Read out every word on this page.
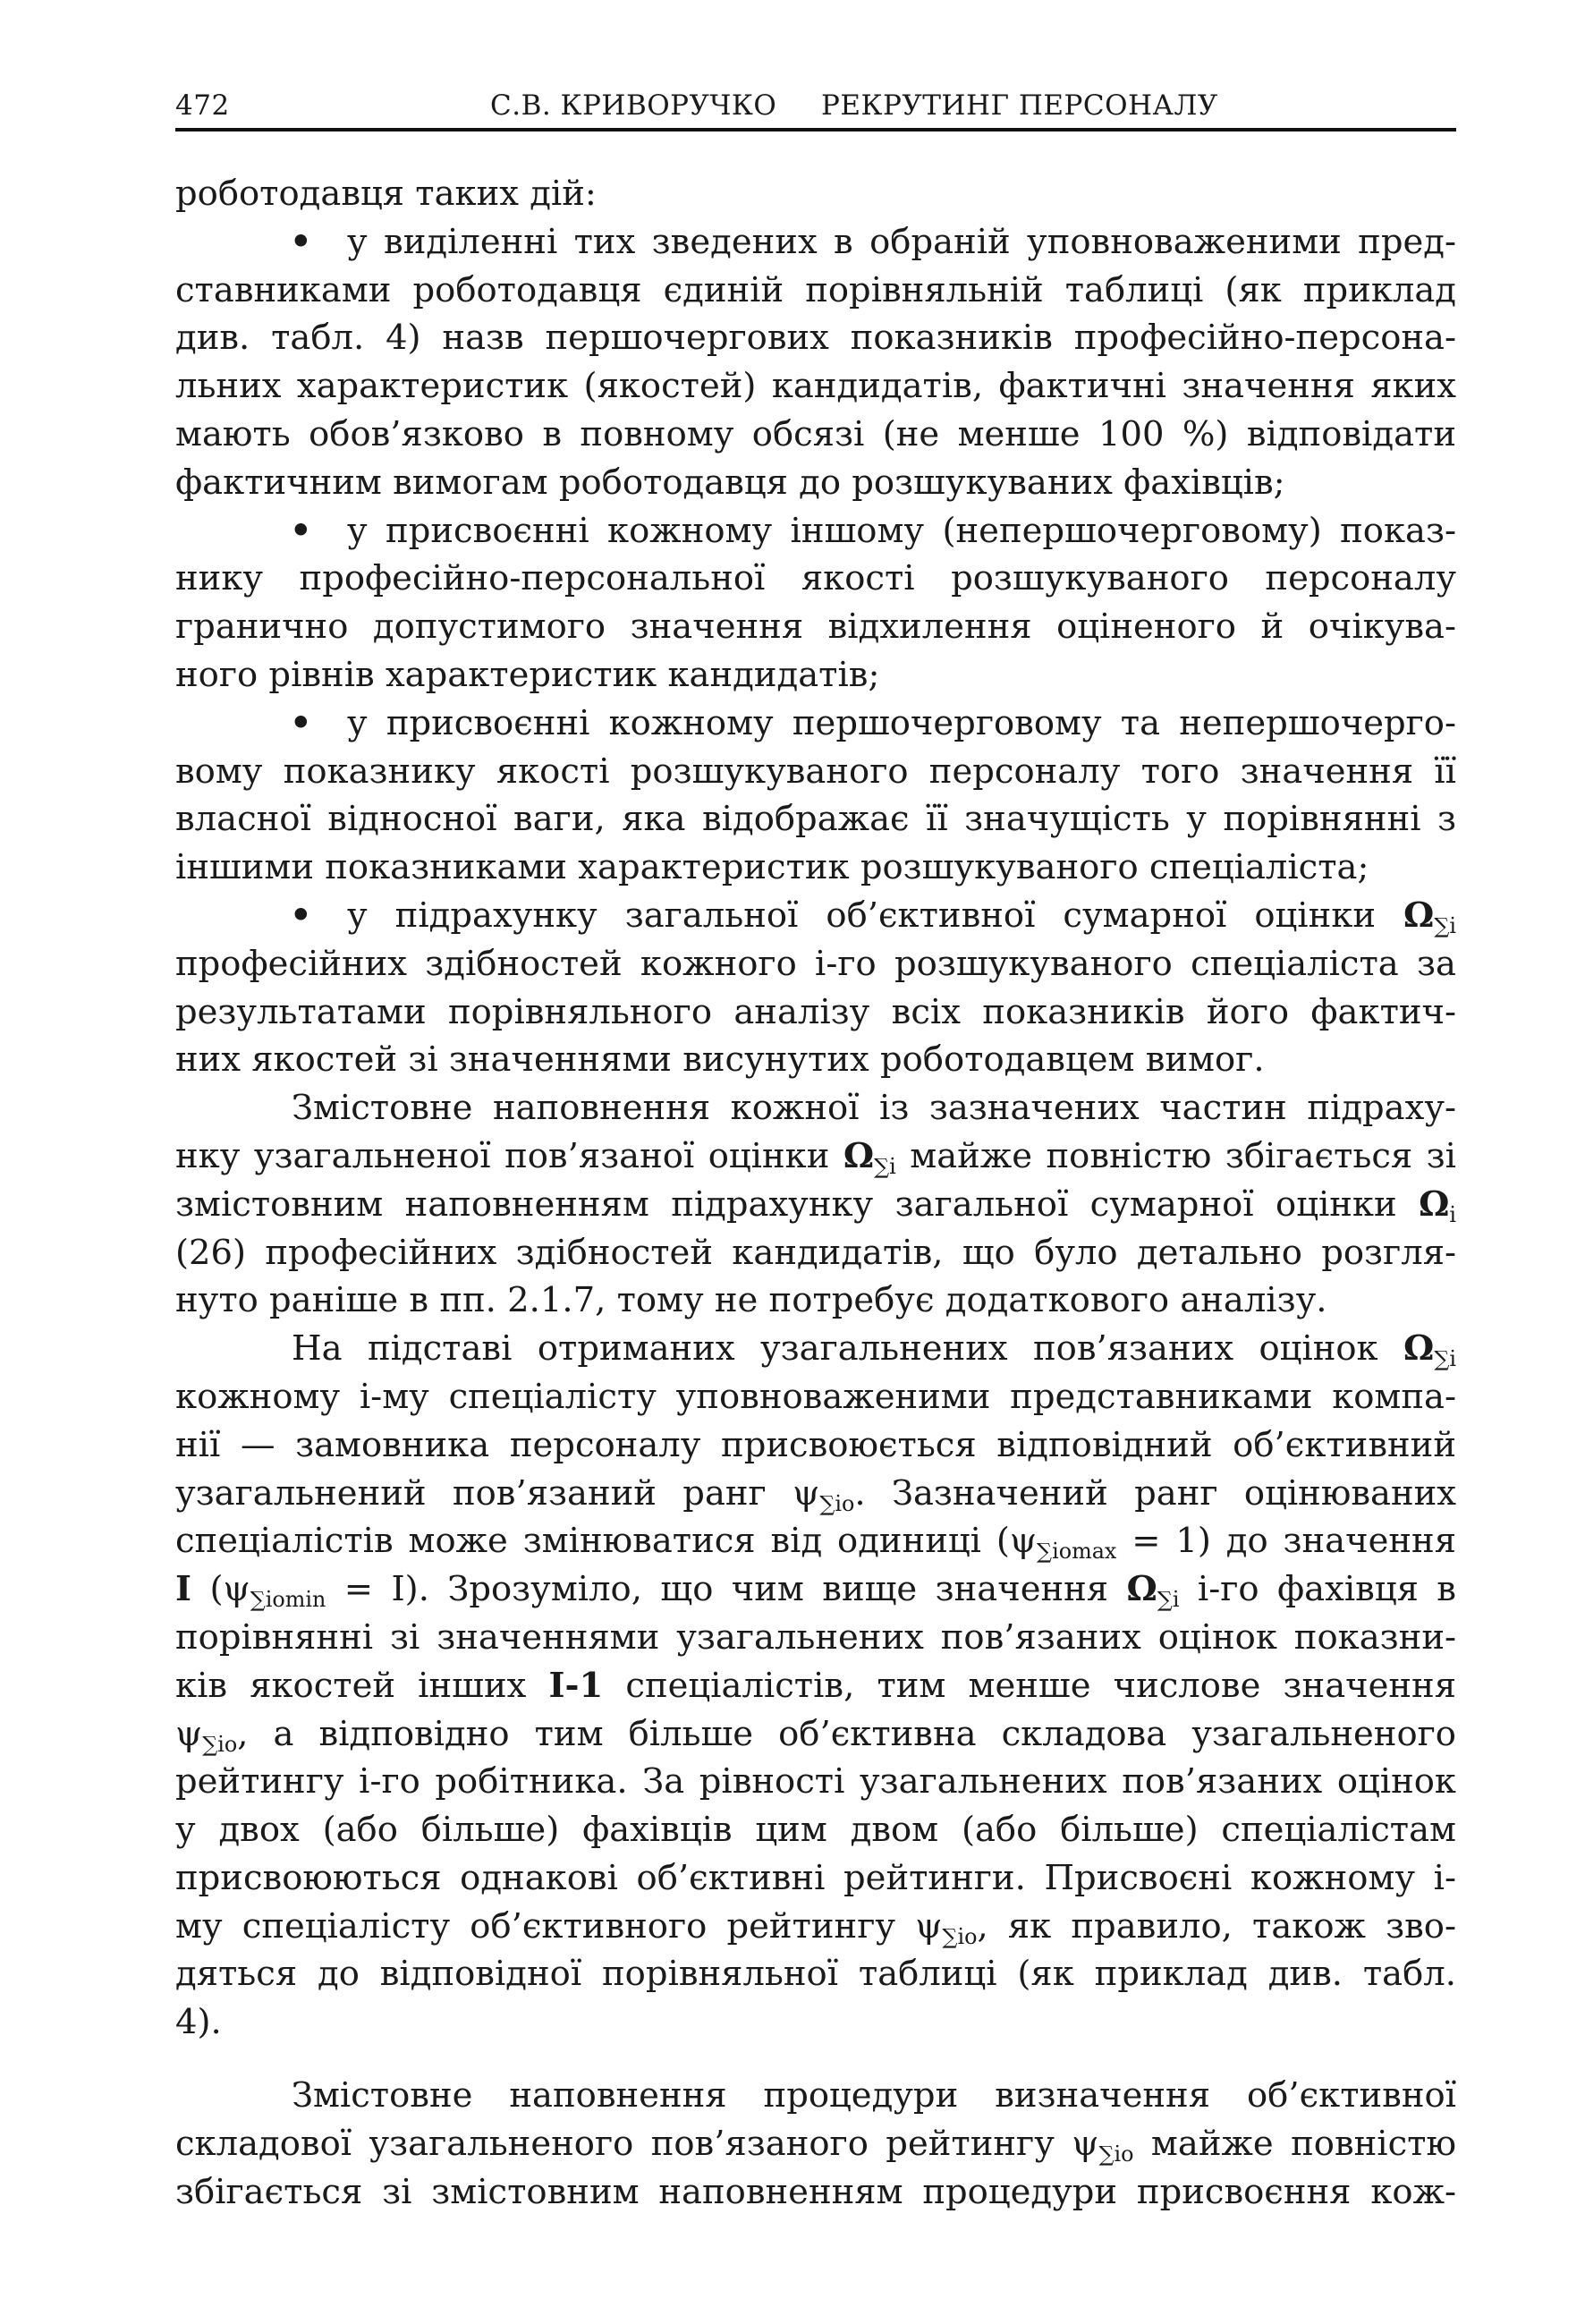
472	С.В. КРИВОРУЧКО РЕКРУТИНГ ПЕРСОНАЛУ
роботодавця таких дій:
•	у виділенні тих зведених в обраній уповноваженими пред-
ставниками роботодавця єдиній порівняльній таблиці (як приклад
див. табл. 4) назв першочергових показників професійно-персона-
льних характеристик (якостей) кандидатів, фактичні значення яких
мають обов’язково в повному обсязі (не менше 100 %) відповідати
фактичним вимогам роботодавця до розшукуваних фахівців;
•	у присвоєнні кожному іншому (непершочерговому) показ-
нику професійно-персональної якості розшукуваного персоналу
гранично допустимого значення відхилення оціненого й очікува-
ного рівнів характеристик кандидатів;
•	у присвоєнні кожному першочерговому та непершочерго-
вому показнику якості розшукуваного персоналу того значення її
власної відносної ваги, яка відображає її значущість у порівнянні з
іншими показниками характеристик розшукуваного спеціаліста;
•	у підрахунку загальної об’єктивної сумарної оцінки $\Omega_{\sum i}$
професійних здібностей кожного і-го розшукуваного спеціаліста за
результатами порівняльного аналізу всіх показників його фактич-
них якостей зі значеннями висунутих роботодавцем вимог.
Змістовне наповнення кожної із зазначених частин підраху-
нку узагальненої пов’язаної оцінки $\Omega_{\sum i}$ майже повністю збігається зі
змістовним наповненням підрахунку загальної сумарної оцінки $\Omega_i$
(26) професійних здібностей кандидатів, що було детально розгля-
нуто раніше в пп. 2.1.7, тому не потребує додаткового аналізу.
На підставі отриманих узагальнених пов’язаних оцінок $\Omega_{\sum i}$
кожному і-му спеціалісту уповноваженими представниками компа-
нії — замовника персоналу присвоюється відповідний об’єктивний
узагальнений пов’язаний ранг $\psi_{\sum io}$. Зазначений ранг оцінюваних
спеціалістів може змінюватися від одиниці $(\psi_{\sum iomax} = 1)$ до значення
I $(\psi_{\sum iomin} = I)$. Зрозуміло, що чим вище значення $\Omega_{\sum i}$ і-го фахівця в
порівнянні зі значеннями узагальнених пов’язаних оцінок показни-
ків якостей інших I-1 спеціалістів, тим менше числове значення
$\psi_{\sum io}$, а відповідно тим більше об’єктивна складова узагальненого
рейтингу і-го робітника. За рівності узагальнених пов’язаних оцінок
у двох (або більше) фахівців цим двом (або більше) спеціалістам
присвоюються однакові об’єктивні рейтинги. Присвоєні кожному і-
му спеціалісту об’єктивного рейтингу $\psi_{\sum io}$, як правило, також зво-
дяться до відповідної порівняльної таблиці (як приклад див. табл.
4).
Змістовне наповнення процедури визначення об’єктивної
складової узагальненого пов’язаного рейтингу $\psi_{\sum io}$ майже повністю
збігається зі змістовним наповненням процедури присвоєння кож-
